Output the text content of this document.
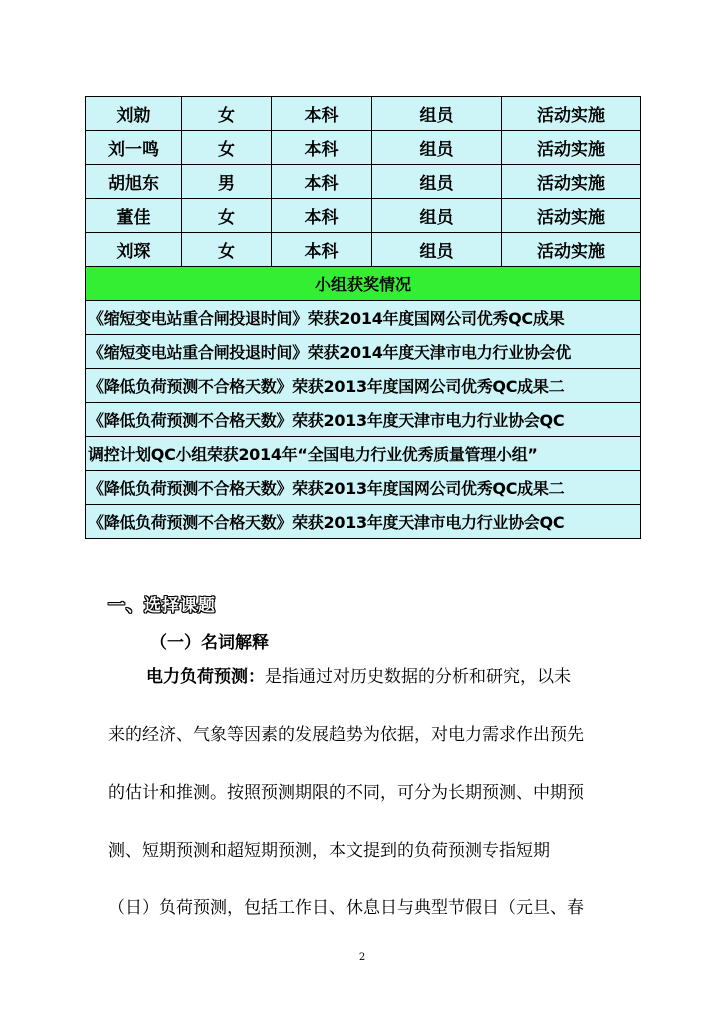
刘勍	女	本科	组员	活动实施
刘一鸣	女	本科	组员	活动实施
胡旭东	男	本科	组员	活动实施
董佳	女	本科	组员	活动实施
刘琛	女	本科	组员	活动实施
小组获奖情况				
《缩短变电站重合闸投退时间》荣获2014年度国网公司优秀QC成果				
《缩短变电站重合闸投退时间》荣获2014年度天津市电力行业协会优				
《降低负荷预测不合格天数》荣获2013年度国网公司优秀QC成果二				
《降低负荷预测不合格天数》荣获2013年度天津市电力行业协会QC				
调控计划QC小组荣获2014年“全国电力行业优秀质量管理小组”				
《降低负荷预测不合格天数》荣获2013年度国网公司优秀QC成果二				
《降低负荷预测不合格天数》荣获2013年度天津市电力行业协会QC				
一、选择课题
（一）名词解释
电力负荷预测：是指通过对历史数据的分析和研究，以未
来的经济、气象等因素的发展趋势为依据，对电力需求作出预先
的估计和推测。按照预测期限的不同，可分为长期预测、中期预
测、短期预测和超短期预测，本文提到的负荷预测专指短期
（日）负荷预测，包括工作日、休息日与典型节假日（元旦、春
2
